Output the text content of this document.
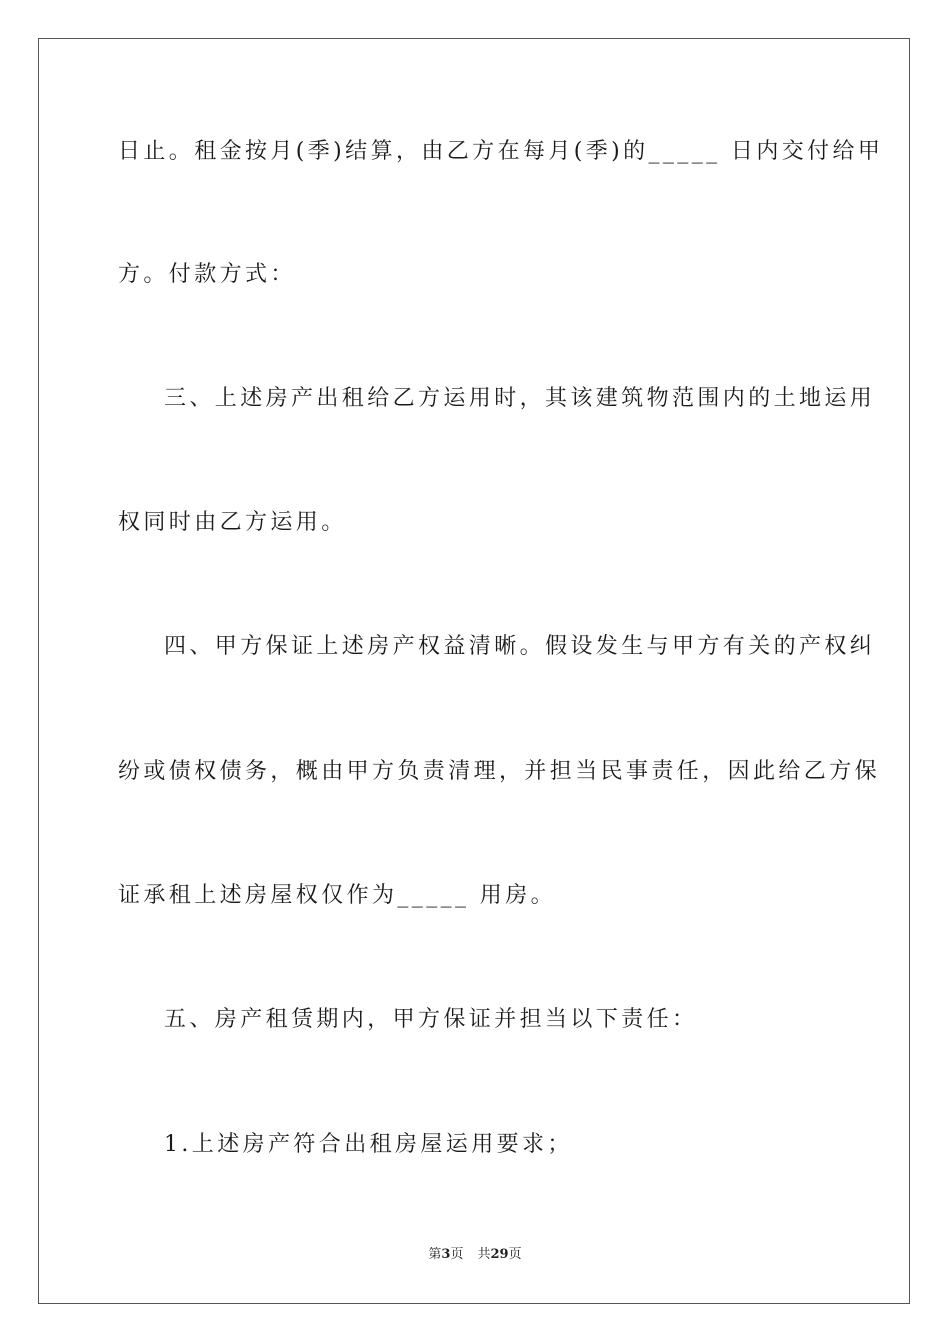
日止。租金按月(季)结算，由乙方在每月(季)的_____ 日内交付给甲
方。付款方式：
三、上述房产出租给乙方运用时，其该建筑物范围内的土地运用
权同时由乙方运用。
四、甲方保证上述房产权益清晰。假设发生与甲方有关的产权纠
纷或债权债务，概由甲方负责清理，并担当民事责任，因此给乙方保
证承租上述房屋权仅作为_____ 用房。
五、房产租赁期内，甲方保证并担当以下责任：
1.上述房产符合出租房屋运用要求；
第3页 共29页
